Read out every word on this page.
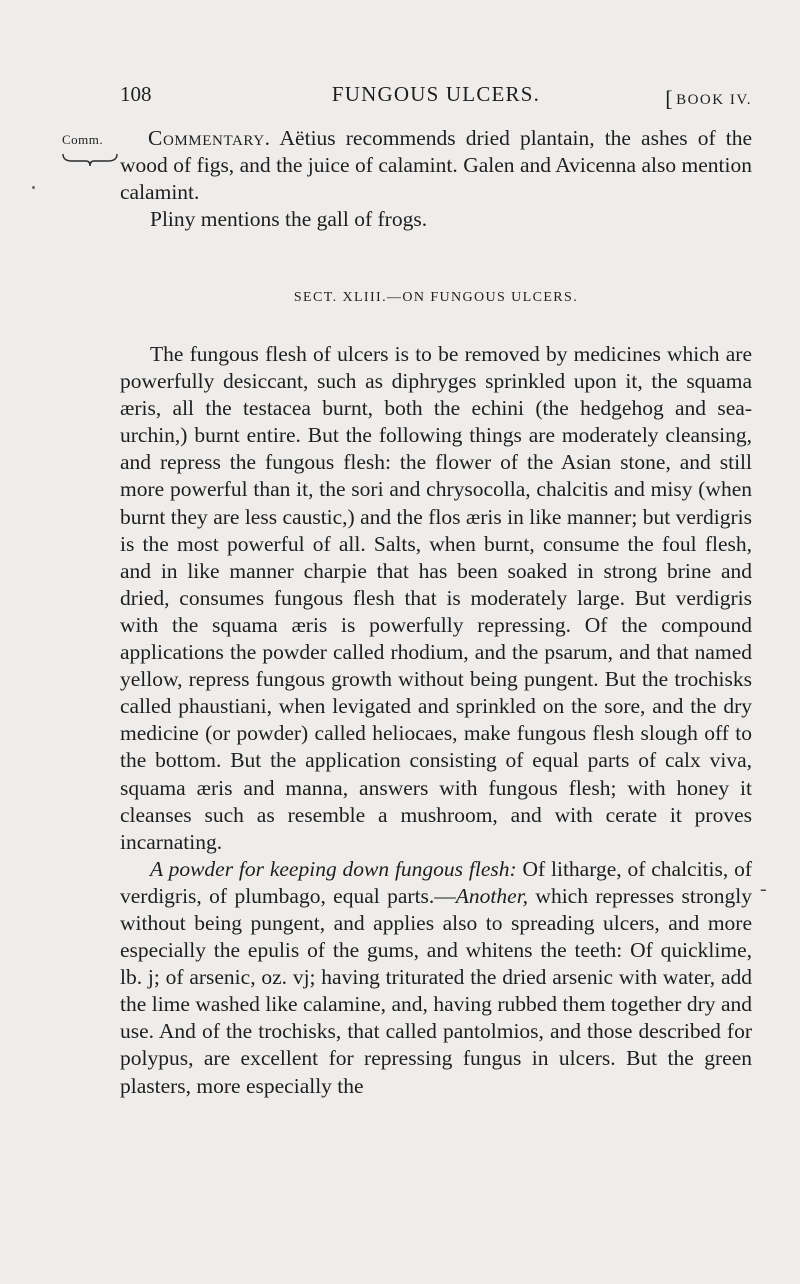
108	FUNGOUS ULCERS.	[ BOOK IV.
Comm.	Commentary. Aëtius recommends dried plantain, the ashes of the wood of figs, and the juice of calamint. Galen and Avicenna also mention calamint.

Pliny mentions the gall of frogs.

SECT. XLIII.—ON FUNGOUS ULCERS.

The fungous flesh of ulcers is to be removed by medicines which are powerfully desiccant, such as diphryges sprinkled upon it, the squama æris, all the testacea burnt, both the echini (the hedgehog and sea-urchin,) burnt entire. But the following things are moderately cleansing, and repress the fungous flesh: the flower of the Asian stone, and still more powerful than it, the sori and chrysocolla, chalcitis and misy (when burnt they are less caustic,) and the flos æris in like manner; but verdigris is the most powerful of all. Salts, when burnt, consume the foul flesh, and in like manner charpie that has been soaked in strong brine and dried, consumes fungous flesh that is moderately large. But verdigris with the squama æris is powerfully repressing. Of the compound applications the powder called rhodium, and the psarum, and that named yellow, repress fungous growth without being pungent. But the trochisks called phaustiani, when levigated and sprinkled on the sore, and the dry medicine (or powder) called heliocaes, make fungous flesh slough off to the bottom. But the application consisting of equal parts of calx viva, squama æris and manna, answers with fungous flesh; with honey it cleanses such as resemble a mushroom, and with cerate it proves incarnating.

A powder for keeping down fungous flesh: Of litharge, of chalcitis, of verdigris, of plumbago, equal parts.—Another, which represses strongly without being pungent, and applies also to spreading ulcers, and more especially the epulis of the gums, and whitens the teeth: Of quicklime, lb. j; of arsenic, oz. vj; having triturated the dried arsenic with water, add the lime washed like calamine, and, having rubbed them together dry and use. And of the trochisks, that called pantolmios, and those described for polypus, are excellent for repressing fungus in ulcers. But the green plasters, more especially the

-
